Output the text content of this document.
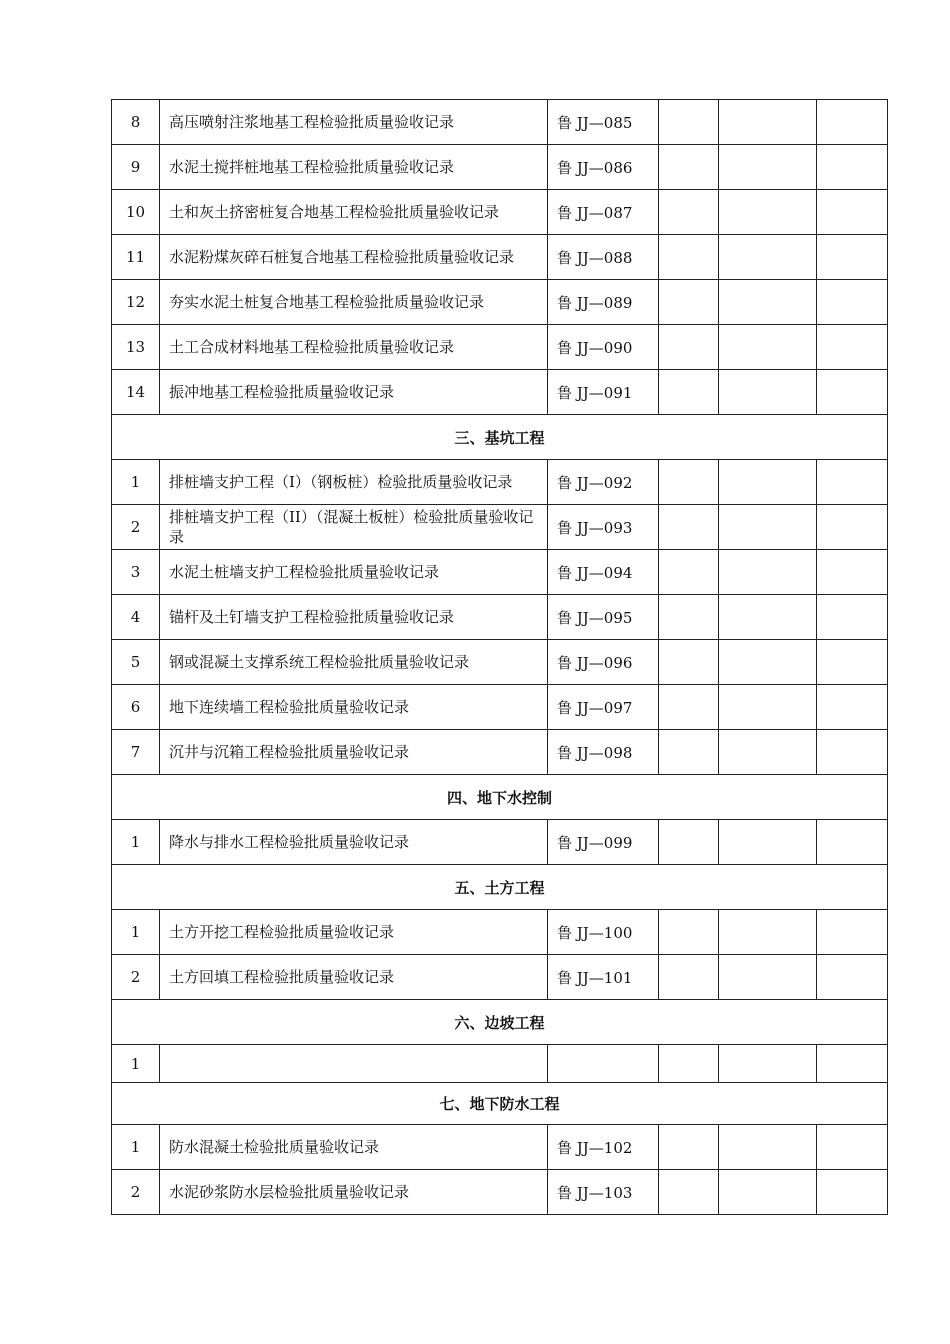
8	高压喷射注浆地基工程检验批质量验收记录	鲁 JJ—085			
9	水泥土搅拌桩地基工程检验批质量验收记录	鲁 JJ—086			
10	土和灰土挤密桩复合地基工程检验批质量验收记录	鲁 JJ—087			
11	水泥粉煤灰碎石桩复合地基工程检验批质量验收记录	鲁 JJ—088			
12	夯实水泥土桩复合地基工程检验批质量验收记录	鲁 JJ—089			
13	土工合成材料地基工程检验批质量验收记录	鲁 JJ—090			
14	振冲地基工程检验批质量验收记录	鲁 JJ—091			
三、基坑工程					
1	排桩墙支护工程（I）（钢板桩）检验批质量验收记录	鲁 JJ—092			
2	排桩墙支护工程（II）（混凝土板桩）检验批质量验收记录	鲁 JJ—093			
3	水泥土桩墙支护工程检验批质量验收记录	鲁 JJ—094			
4	锚杆及土钉墙支护工程检验批质量验收记录	鲁 JJ—095			
5	钢或混凝土支撑系统工程检验批质量验收记录	鲁 JJ—096			
6	地下连续墙工程检验批质量验收记录	鲁 JJ—097			
7	沉井与沉箱工程检验批质量验收记录	鲁 JJ—098			
四、地下水控制					
1	降水与排水工程检验批质量验收记录	鲁 JJ—099			
五、土方工程					
1	土方开挖工程检验批质量验收记录	鲁 JJ—100			
2	土方回填工程检验批质量验收记录	鲁 JJ—101			
六、边坡工程					
1					
七、地下防水工程					
1	防水混凝土检验批质量验收记录	鲁 JJ—102			
2	水泥砂浆防水层检验批质量验收记录	鲁 JJ—103			
